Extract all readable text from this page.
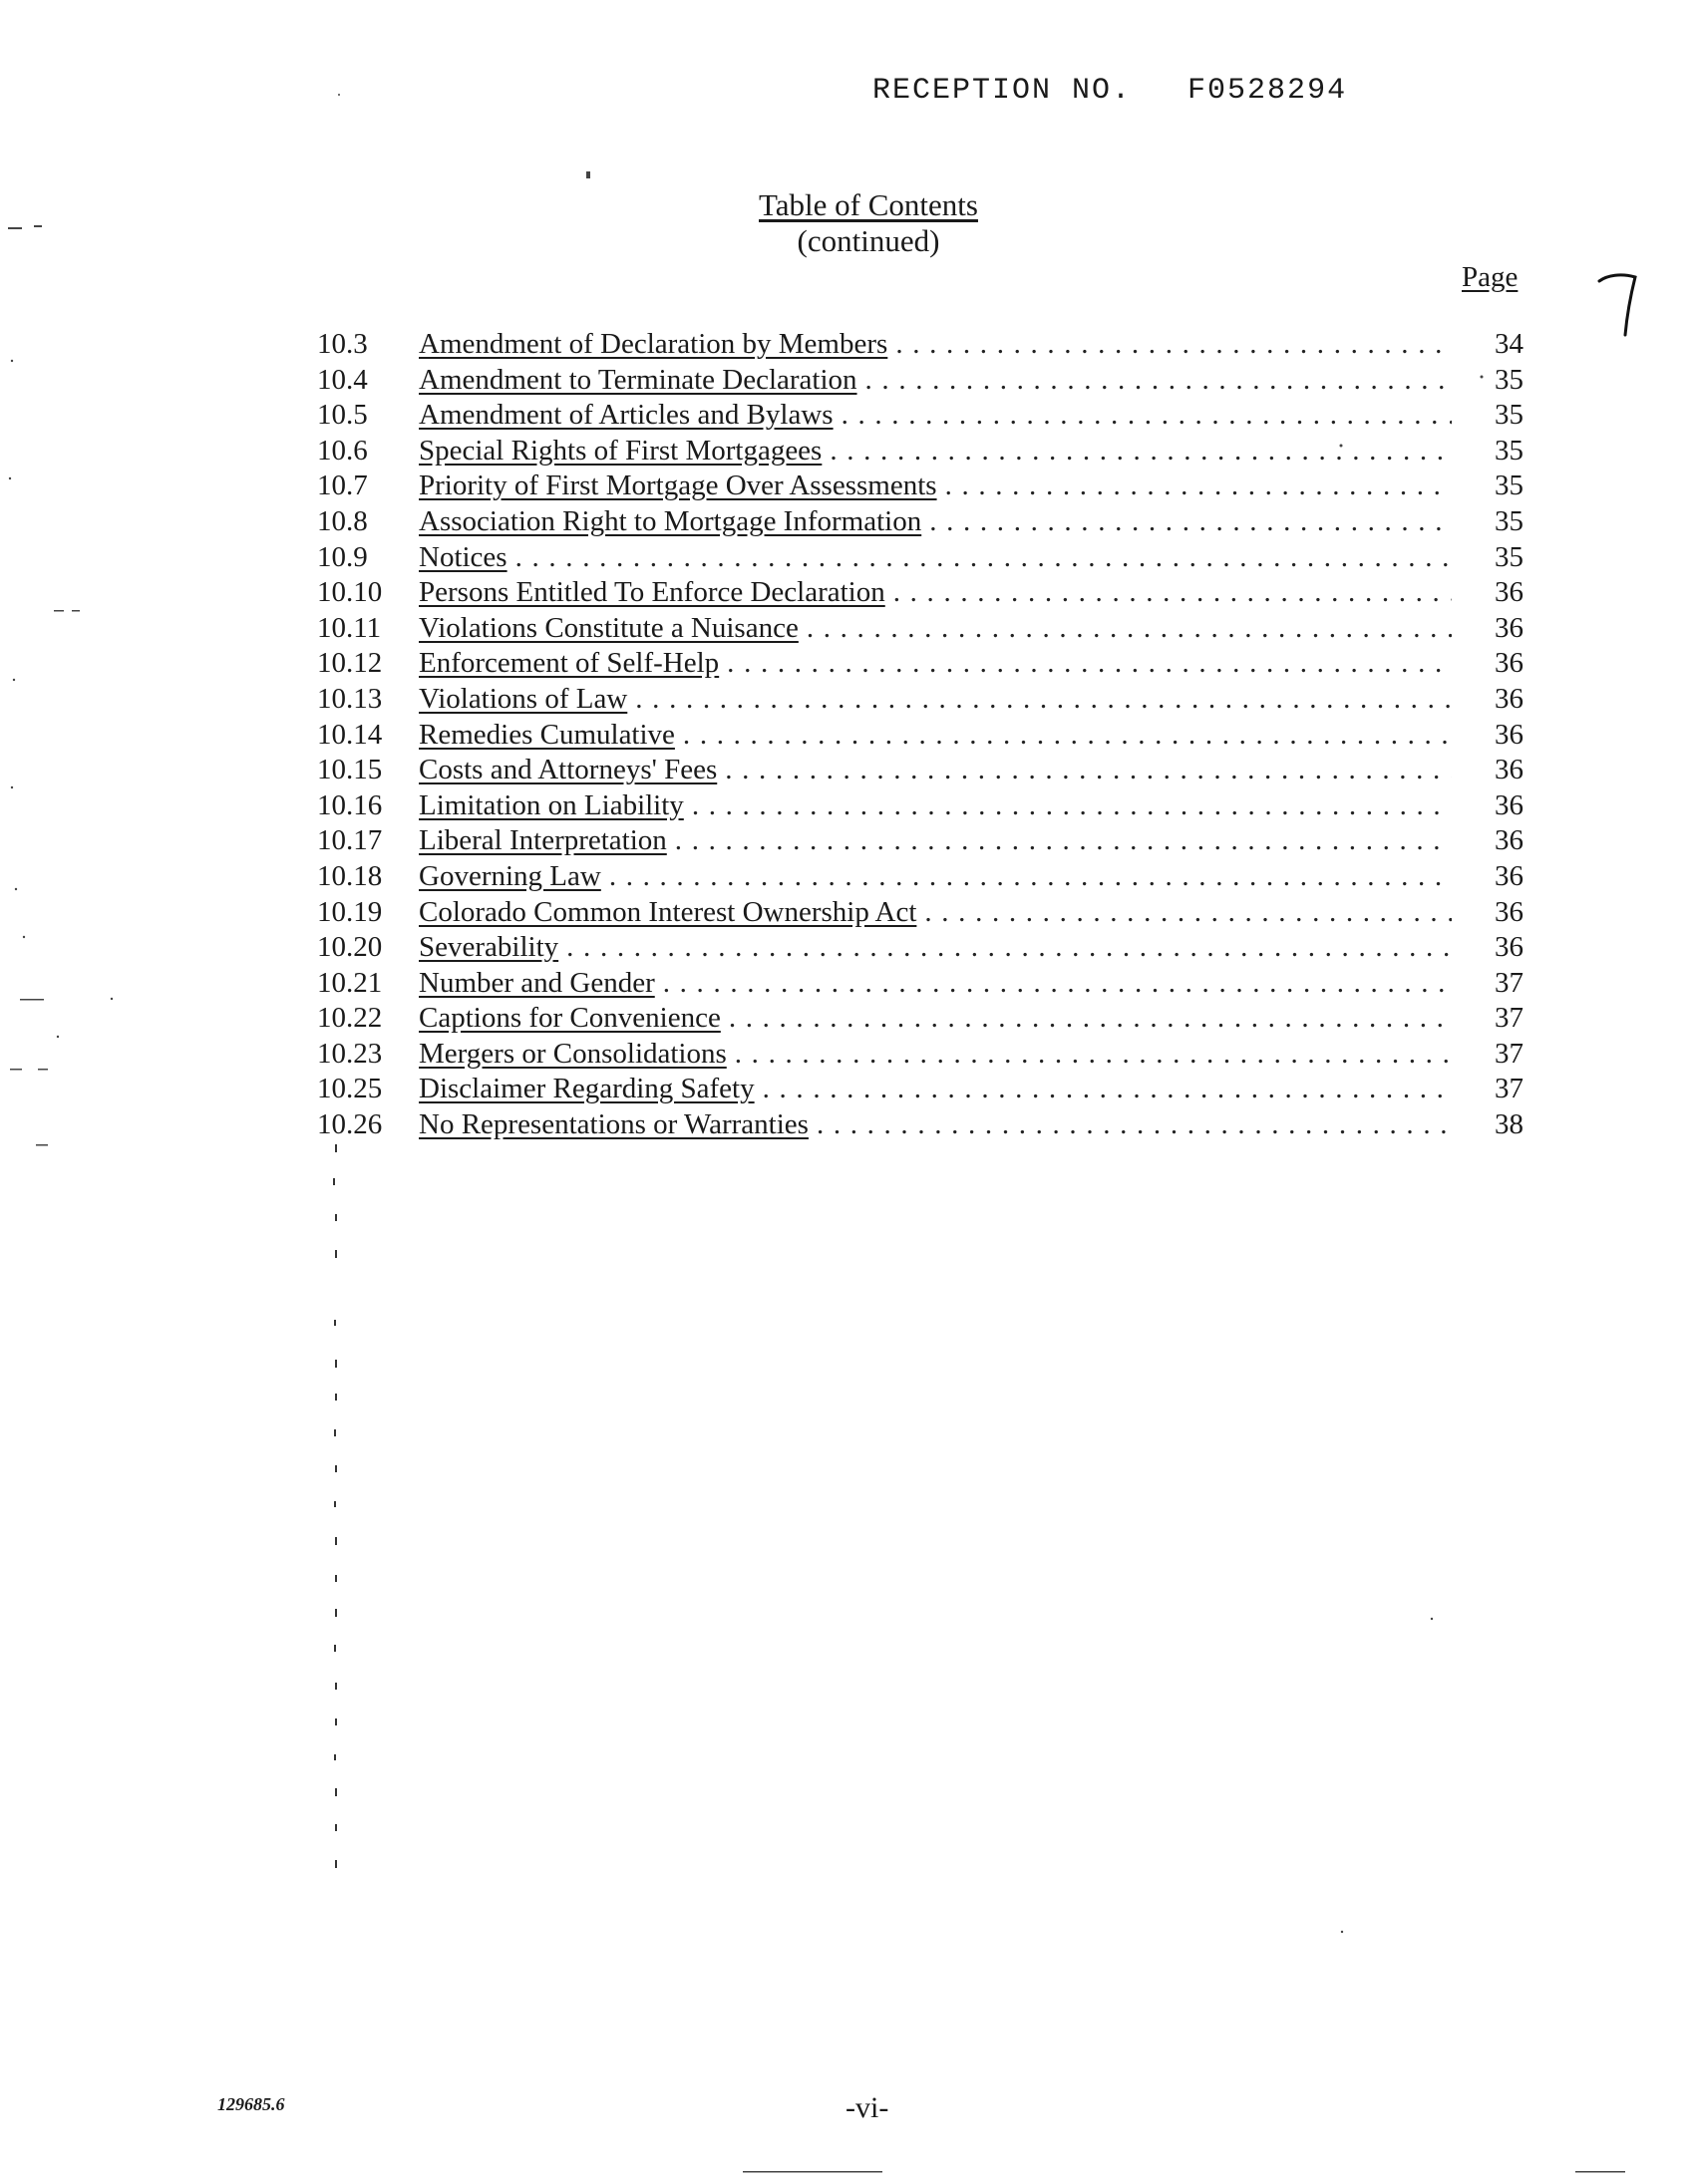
RECEPTION NO. F0528294
Table of Contents
(continued)
Page
10.3	Amendment of Declaration by Members . . .	34
10.4	Amendment to Terminate Declaration . . .	35
10.5	Amendment of Articles and Bylaws . . .	35
10.6	Special Rights of First Mortgagees . . .	35
10.7	Priority of First Mortgage Over Assessments . . .	35
10.8	Association Right to Mortgage Information . . .	35
10.9	Notices . . .	35
10.10	Persons Entitled To Enforce Declaration . . .	36
10.11	Violations Constitute a Nuisance . . .	36
10.12	Enforcement of Self-Help . . .	36
10.13	Violations of Law . . .	36
10.14	Remedies Cumulative . . .	36
10.15	Costs and Attorneys' Fees . . .	36
10.16	Limitation on Liability . . .	36
10.17	Liberal Interpretation . . .	36
10.18	Governing Law . . .	36
10.19	Colorado Common Interest Ownership Act . . .	36
10.20	Severability . . .	36
10.21	Number and Gender . . .	37
10.22	Captions for Convenience . . .	37
10.23	Mergers or Consolidations . . .	37
10.25	Disclaimer Regarding Safety . . .	37
10.26	No Representations or Warranties . . .	38
129685.6	-vi-
